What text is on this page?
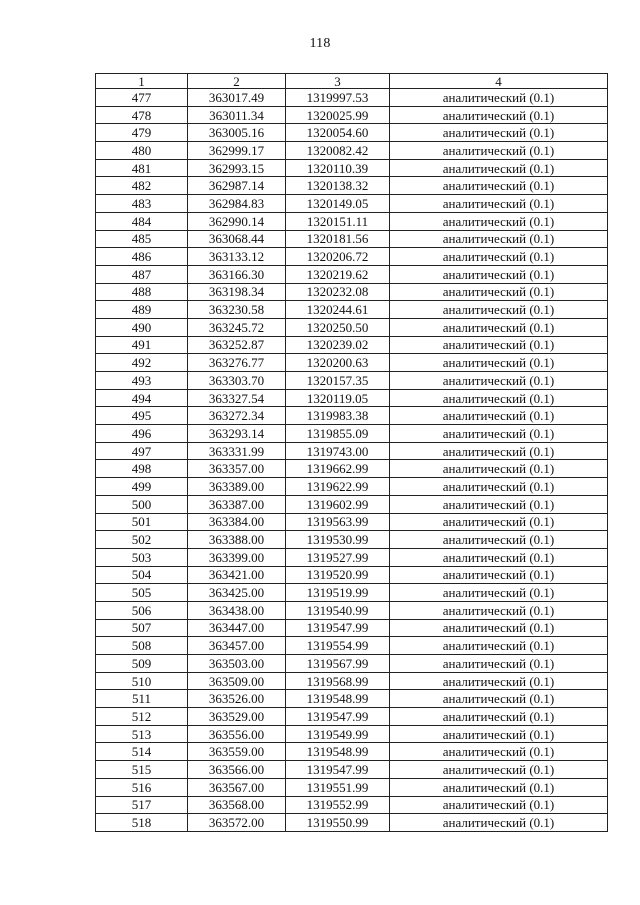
118
1	2	3	4
477	363017.49	1319997.53	аналитический (0.1)
478	363011.34	1320025.99	аналитический (0.1)
479	363005.16	1320054.60	аналитический (0.1)
480	362999.17	1320082.42	аналитический (0.1)
481	362993.15	1320110.39	аналитический (0.1)
482	362987.14	1320138.32	аналитический (0.1)
483	362984.83	1320149.05	аналитический (0.1)
484	362990.14	1320151.11	аналитический (0.1)
485	363068.44	1320181.56	аналитический (0.1)
486	363133.12	1320206.72	аналитический (0.1)
487	363166.30	1320219.62	аналитический (0.1)
488	363198.34	1320232.08	аналитический (0.1)
489	363230.58	1320244.61	аналитический (0.1)
490	363245.72	1320250.50	аналитический (0.1)
491	363252.87	1320239.02	аналитический (0.1)
492	363276.77	1320200.63	аналитический (0.1)
493	363303.70	1320157.35	аналитический (0.1)
494	363327.54	1320119.05	аналитический (0.1)
495	363272.34	1319983.38	аналитический (0.1)
496	363293.14	1319855.09	аналитический (0.1)
497	363331.99	1319743.00	аналитический (0.1)
498	363357.00	1319662.99	аналитический (0.1)
499	363389.00	1319622.99	аналитический (0.1)
500	363387.00	1319602.99	аналитический (0.1)
501	363384.00	1319563.99	аналитический (0.1)
502	363388.00	1319530.99	аналитический (0.1)
503	363399.00	1319527.99	аналитический (0.1)
504	363421.00	1319520.99	аналитический (0.1)
505	363425.00	1319519.99	аналитический (0.1)
506	363438.00	1319540.99	аналитический (0.1)
507	363447.00	1319547.99	аналитический (0.1)
508	363457.00	1319554.99	аналитический (0.1)
509	363503.00	1319567.99	аналитический (0.1)
510	363509.00	1319568.99	аналитический (0.1)
511	363526.00	1319548.99	аналитический (0.1)
512	363529.00	1319547.99	аналитический (0.1)
513	363556.00	1319549.99	аналитический (0.1)
514	363559.00	1319548.99	аналитический (0.1)
515	363566.00	1319547.99	аналитический (0.1)
516	363567.00	1319551.99	аналитический (0.1)
517	363568.00	1319552.99	аналитический (0.1)
518	363572.00	1319550.99	аналитический (0.1)
